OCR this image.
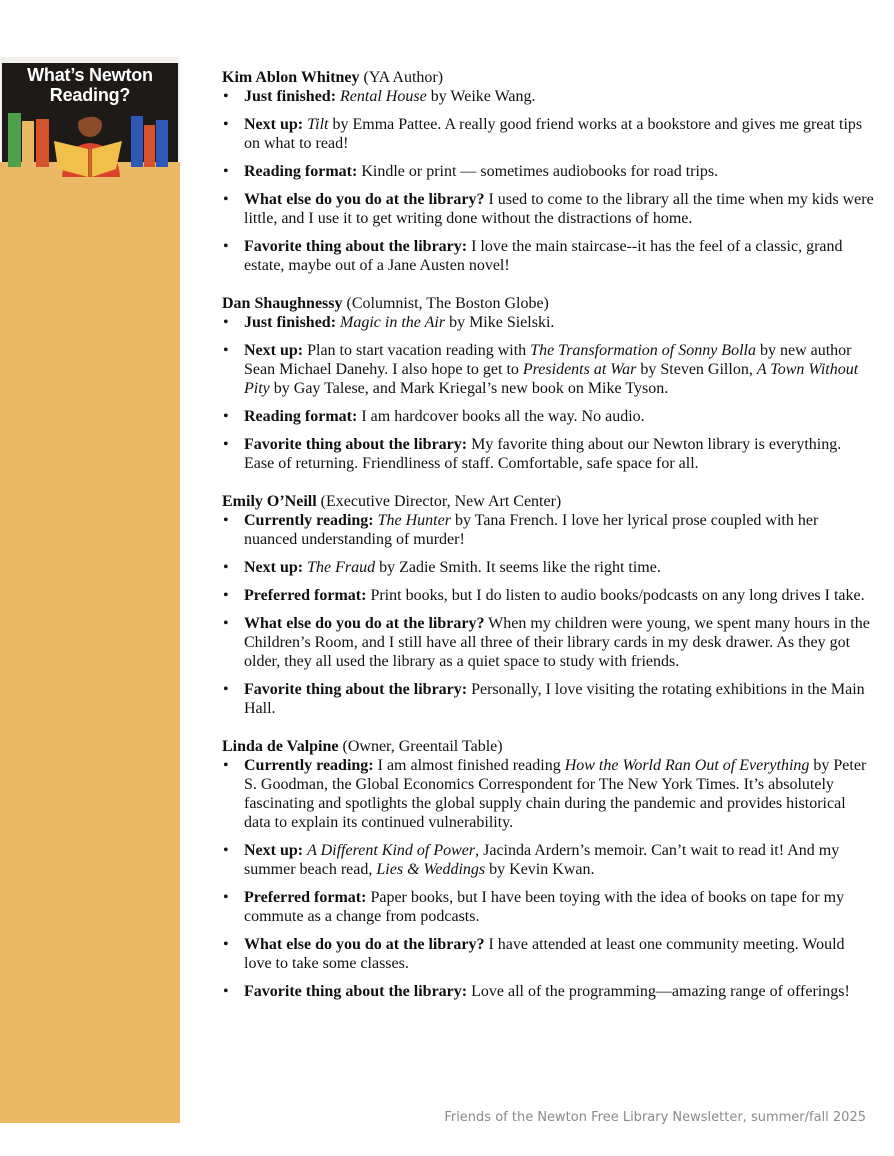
What’s Newton
Reading?

Kim Ablon Whitney (YA Author)

• Just finished: Rental House by Weike Wang.
• Next up: Tilt by Emma Pattee. A really good friend works at a bookstore and gives me great tips on what to read!
• Reading format: Kindle or print — sometimes audiobooks for road trips.
• What else do you do at the library? I used to come to the library all the time when my kids were little, and I use it to get writing done without the distractions of home.
• Favorite thing about the library: I love the main staircase--it has the feel of a classic, grand estate, maybe out of a Jane Austen novel!

Dan Shaughnessy (Columnist, The Boston Globe)

• Just finished: Magic in the Air by Mike Sielski.
• Next up: Plan to start vacation reading with The Transformation of Sonny Bolla by new author Sean Michael Danehy. I also hope to get to Presidents at War by Steven Gillon, A Town Without Pity by Gay Talese, and Mark Kriegal’s new book on Mike Tyson.
• Reading format: I am hardcover books all the way. No audio.
• Favorite thing about the library: My favorite thing about our Newton library is everything. Ease of returning. Friendliness of staff. Comfortable, safe space for all.

Emily O’Neill (Executive Director, New Art Center)

• Currently reading: The Hunter by Tana French. I love her lyrical prose coupled with her nuanced understanding of murder!
• Next up: The Fraud by Zadie Smith. It seems like the right time.
• Preferred format: Print books, but I do listen to audio books/podcasts on any long drives I take.
• What else do you do at the library? When my children were young, we spent many hours in the Children’s Room, and I still have all three of their library cards in my desk drawer. As they got older, they all used the library as a quiet space to study with friends.
• Favorite thing about the library: Personally, I love visiting the rotating exhibitions in the Main Hall.

Linda de Valpine (Owner, Greentail Table)

• Currently reading: I am almost finished reading How the World Ran Out of Everything by Peter S. Goodman, the Global Economics Correspondent for The New York Times. It’s absolutely fascinating and spotlights the global supply chain during the pandemic and provides historical data to explain its continued vulnerability.
• Next up: A Different Kind of Power, Jacinda Ardern’s memoir. Can’t wait to read it! And my summer beach read, Lies & Weddings by Kevin Kwan.
• Preferred format: Paper books, but I have been toying with the idea of books on tape for my commute as a change from podcasts.
• What else do you do at the library? I have attended at least one community meeting. Would love to take some classes.
• Favorite thing about the library: Love all of the programming—amazing range of offerings!
Friends of the Newton Free Library Newsletter, summer/fall 2025
